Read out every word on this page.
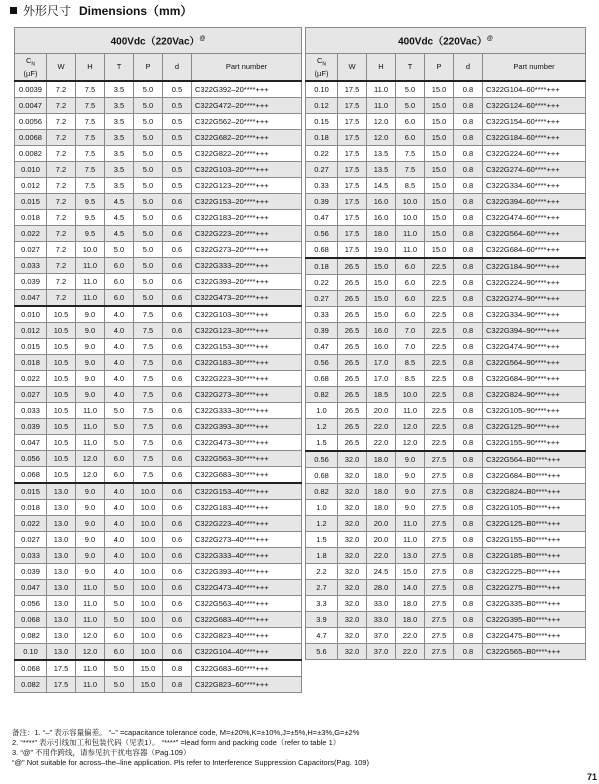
外形尺寸 Dimensions（mm）
400Vdc（220Vac）@
$C_N$
(µF)	W	H	T	P	d	Part number
0.0039	7.2	7.5	3.5	5.0	0.5	C322G392–20****+++
0.0047	7.2	7.5	3.5	5.0	0.5	C322G472–20****+++
0.0056	7.2	7.5	3.5	5.0	0.5	C322G562–20****+++
0.0068	7.2	7.5	3.5	5.0	0.5	C322G682–20****+++
0.0082	7.2	7.5	3.5	5.0	0.5	C322G822–20****+++
0.010	7.2	7.5	3.5	5.0	0.5	C322G103–20****+++
0.012	7.2	7.5	3.5	5.0	0.5	C322G123–20****+++
0.015	7.2	9.5	4.5	5.0	0.6	C322G153–20****+++
0.018	7.2	9.5	4.5	5.0	0.6	C322G183–20****+++
0.022	7.2	9.5	4.5	5.0	0.6	C322G223–20****+++
0.027	7.2	10.0	5.0	5.0	0.6	C322G273–20****+++
0.033	7.2	11.0	6.0	5.0	0.6	C322G333–20****+++
0.039	7.2	11.0	6.0	5.0	0.6	C322G393–20****+++
0.047	7.2	11.0	6.0	5.0	0.6	C322G473–20****+++
0.010	10.5	9.0	4.0	7.5	0.6	C322G103–30****+++
0.012	10.5	9.0	4.0	7.5	0.6	C322G123–30****+++
0.015	10.5	9.0	4.0	7.5	0.6	C322G153–30****+++
0.018	10.5	9.0	4.0	7.5	0.6	C322G183–30****+++
0.022	10.5	9.0	4.0	7.5	0.6	C322G223–30****+++
0.027	10.5	9.0	4.0	7.5	0.6	C322G273–30****+++
0.033	10.5	11.0	5.0	7.5	0.6	C322G333–30****+++
0.039	10.5	11.0	5.0	7.5	0.6	C322G393–30****+++
0.047	10.5	11.0	5.0	7.5	0.6	C322G473–30****+++
0.056	10.5	12.0	6.0	7.5	0.6	C322G563–30****+++
0.068	10.5	12.0	6.0	7.5	0.6	C322G683–30****+++
0.015	13.0	9.0	4.0	10.0	0.6	C322G153–40****+++
0.018	13.0	9.0	4.0	10.0	0.6	C322G183–40****+++
0.022	13.0	9.0	4.0	10.0	0.6	C322G223–40****+++
0.027	13.0	9.0	4.0	10.0	0.6	C322G273–40****+++
0.033	13.0	9.0	4.0	10.0	0.6	C322G333–40****+++
0.039	13.0	9.0	4.0	10.0	0.6	C322G393–40****+++
0.047	13.0	11.0	5.0	10.0	0.6	C322G473–40****+++
0.056	13.0	11.0	5.0	10.0	0.6	C322G563–40****+++
0.068	13.0	11.0	5.0	10.0	0.6	C322G683–40****+++
0.082	13.0	12.0	6.0	10.0	0.6	C322G823–40****+++
0.10	13.0	12.0	6.0	10.0	0.6	C322G104–40****+++
0.068	17.5	11.0	5.0	15.0	0.8	C322G683–60****+++
0.082	17.5	11.0	5.0	15.0	0.8	C322G823–60****+++
400Vdc（220Vac）@
$C_N$
(µF)	W	H	T	P	d	Part number
0.10	17.5	11.0	5.0	15.0	0.8	C322G104–60****+++
0.12	17.5	11.0	5.0	15.0	0.8	C322G124–60****+++
0.15	17.5	12.0	6.0	15.0	0.8	C322G154–60****+++
0.18	17.5	12.0	6.0	15.0	0.8	C322G184–60****+++
0.22	17.5	13.5	7.5	15.0	0.8	C322G224–60****+++
0.27	17.5	13.5	7.5	15.0	0.8	C322G274–60****+++
0.33	17.5	14.5	8.5	15.0	0.8	C322G334–60****+++
0.39	17.5	16.0	10.0	15.0	0.8	C322G394–60****+++
0.47	17.5	16.0	10.0	15.0	0.8	C322G474–60****+++
0.56	17.5	18.0	11.0	15.0	0.8	C322G564–60****+++
0.68	17.5	19.0	11.0	15.0	0.8	C322G684–60****+++
0.18	26.5	15.0	6.0	22.5	0.8	C322G184–90****+++
0.22	26.5	15.0	6.0	22.5	0.8	C322G224–90****+++
0.27	26.5	15.0	6.0	22.5	0.8	C322G274–90****+++
0.33	26.5	15.0	6.0	22.5	0.8	C322G334–90****+++
0.39	26.5	16.0	7.0	22.5	0.8	C322G394–90****+++
0.47	26.5	16.0	7.0	22.5	0.8	C322G474–90****+++
0.56	26.5	17.0	8.5	22.5	0.8	C322G564–90****+++
0.68	26.5	17.0	8.5	22.5	0.8	C322G684–90****+++
0.82	26.5	18.5	10.0	22.5	0.8	C322G824–90****+++
1.0	26.5	20.0	11.0	22.5	0.8	C322G105–90****+++
1.2	26.5	22.0	12.0	22.5	0.8	C322G125–90****+++
1.5	26.5	22.0	12.0	22.5	0.8	C322G155–90****+++
0.56	32.0	18.0	9.0	27.5	0.8	C322G564–B0****+++
0.68	32.0	18.0	9.0	27.5	0.8	C322G684–B0****+++
0.82	32.0	18.0	9.0	27.5	0.8	C322G824–B0****+++
1.0	32.0	18.0	9.0	27.5	0.8	C322G105–B0****+++
1.2	32.0	20.0	11.0	27.5	0.8	C322G125–B0****+++
1.5	32.0	20.0	11.0	27.5	0.8	C322G155–B0****+++
1.8	32.0	22.0	13.0	27.5	0.8	C322G185–B0****+++
2.2	32.0	24.5	15.0	27.5	0.8	C322G225–B0****+++
2.7	32.0	28.0	14.0	27.5	0.8	C322G275–B0****+++
3.3	32.0	33.0	18.0	27.5	0.8	C322G335–B0****+++
3.9	32.0	33.0	18.0	27.5	0.8	C322G395–B0****+++
4.7	32.0	37.0	22.0	27.5	0.8	C322G475–B0****+++
5.6	32.0	37.0	22.0	27.5	0.8	C322G565–B0****+++
备注：1. “–” 表示容量偏差。 “–” =capacitance tolerance code, M=±20%,K=±10%,J=±5%,H=±3%,G=±2%
2. “****” 表示引线加工和包装代码（见表1）。 “****” =lead form and packing code（refer to table 1）
3. “@” 不用作跨线，请参见抗干扰电容器（Pag.109）
“@” Not suitable for across–the–line application. Pls refer to Interference Suppression Capacitors(Pag. 109)
71
